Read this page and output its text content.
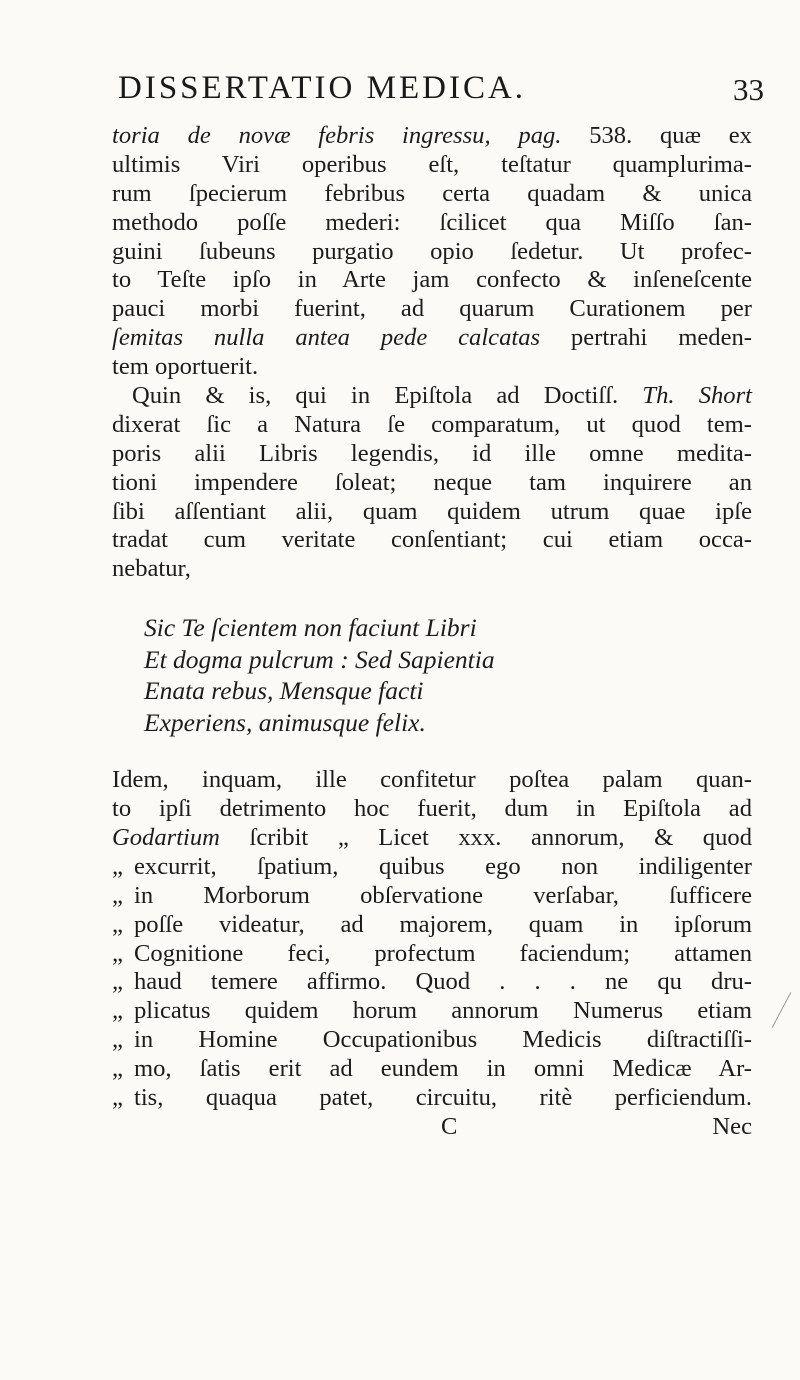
DISSERTATIO MEDICA.	33
toria de novæ febris ingressu, pag. 538. quæ ex
ultimis Viri operibus eſt, teſtatur quamplurima-
rum ſpecierum febribus certa quadam & unica
methodo poſſe mederi: ſcilicet qua Miſſo ſan-
guini ſubeuns purgatio opio ſedetur. Ut profec-
to Teſte ipſo in Arte jam confecto & inſeneſcente
pauci morbi fuerint, ad quarum Curationem per
ſemitas nulla antea pede calcatas pertrahi meden-
tem oportuerit.
Quin & is, qui in Epiſtola ad Doctiſſ. Th. Short
dixerat ſic a Natura ſe comparatum, ut quod tem-
poris alii Libris legendis, id ille omne medita-
tioni impendere ſoleat; neque tam inquirere an
ſibi aſſentiant alii, quam quidem utrum quae ipſe
tradat cum veritate conſentiant; cui etiam occa-
nebatur,
Sic Te ſcientem non faciunt Libri
Et dogma pulcrum : Sed Sapientia
Enata rebus, Mensque facti
Experiens, animusque felix.
Idem, inquam, ille confitetur poſtea palam quan-
to ipſi detrimento hoc fuerit, dum in Epiſtola ad
Godartium ſcribit „ Licet xxx. annorum, & quod
„ excurrit, ſpatium, quibus ego non indiligenter
„ in Morborum obſervatione verſabar, ſufficere
„ poſſe videatur, ad majorem, quam in ipſorum
„ Cognitione feci, profectum faciendum; attamen
„ haud temere affirmo. Quod . . . ne qu dru-
„ plicatus quidem horum annorum Numerus etiam
„ in Homine Occupationibus Medicis diſtractiſſi-
„ mo, ſatis erit ad eundem in omni Medicæ Ar-
„ tis, quaqua patet, circuitu, ritè perficiendum.
C	Nec
